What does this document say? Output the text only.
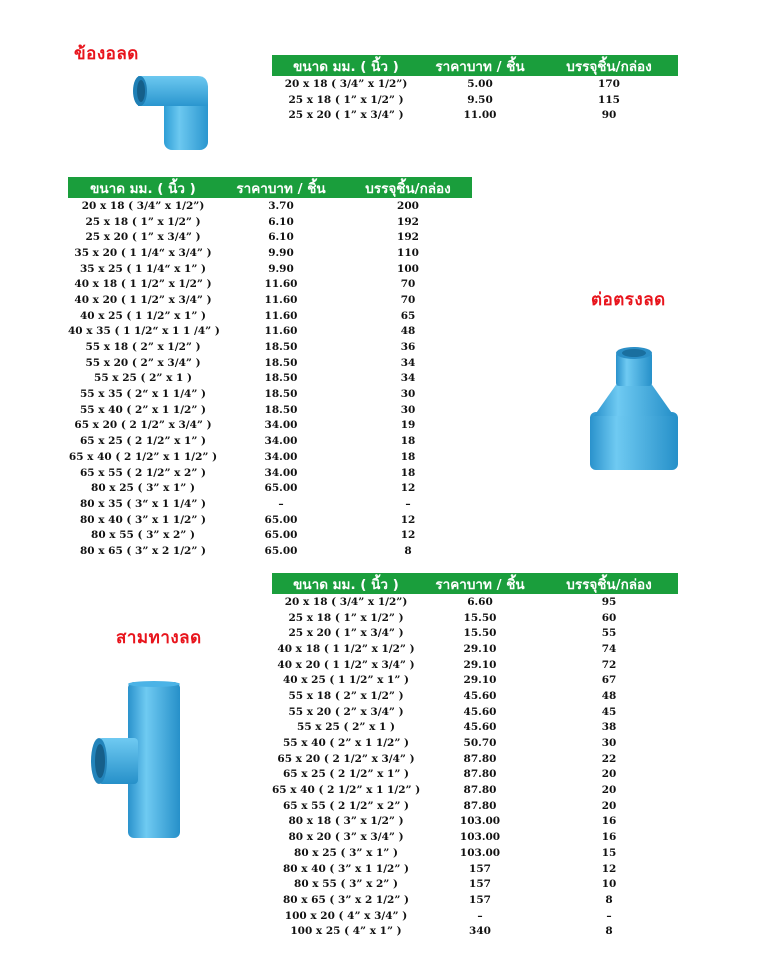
ข้องอลด
ขนาด มม. ( นิ้ว )	ราคาบาท / ชิ้น	บรรจุชิ้น/กล่อง
20 x 18 ( 3/4” x 1/2”)	5.00	170
25 x 18 ( 1” x 1/2” )	9.50	115
25 x 20 ( 1” x 3/4” )	11.00	90
ขนาด มม. ( นิ้ว )	ราคาบาท / ชิ้น	บรรจุชิ้น/กล่อง
20 x 18 ( 3/4” x 1/2”)	3.70	200
25 x 18 ( 1” x 1/2” )	6.10	192
25 x 20 ( 1” x 3/4” )	6.10	192
35 x 20 ( 1 1/4“ x 3/4” )	9.90	110
35 x 25 ( 1 1/4“ x 1” )	9.90	100
40 x 18 ( 1 1/2” x 1/2” )	11.60	70
40 x 20 ( 1 1/2” x 3/4” )	11.60	70
40 x 25 ( 1 1/2” x 1” )	11.60	65
40 x 35 ( 1 1/2“ x 1 1 /4” )	11.60	48
55 x 18 ( 2” x 1/2” )	18.50	36
55 x 20 ( 2” x 3/4” )	18.50	34
55 x 25 ( 2” x 1 )	18.50	34
55 x 35 ( 2“ x 1 1/4” )	18.50	30
55 x 40 ( 2” x 1 1/2” )	18.50	30
65 x 20 ( 2 1/2” x 3/4” )	34.00	19
65 x 25 ( 2 1/2” x 1” )	34.00	18
65 x 40 ( 2 1/2” x 1 1/2” )	34.00	18
65 x 55 ( 2 1/2” x 2” )	34.00	18
80 x 25 ( 3” x 1” )	65.00	12
80 x 35 ( 3“ x 1 1/4” )	–	–
80 x 40 ( 3” x 1 1/2” )	65.00	12
80 x 55 ( 3” x 2” )	65.00	12
80 x 65 ( 3” x 2 1/2” )	65.00	8
ต่อตรงลด
สามทางลด
ขนาด มม. ( นิ้ว )	ราคาบาท / ชิ้น	บรรจุชิ้น/กล่อง
20 x 18 ( 3/4” x 1/2”)	6.60	95
25 x 18 ( 1” x 1/2” )	15.50	60
25 x 20 ( 1” x 3/4” )	15.50	55
40 x 18 ( 1 1/2” x 1/2” )	29.10	74
40 x 20 ( 1 1/2” x 3/4” )	29.10	72
40 x 25 ( 1 1/2” x 1” )	29.10	67
55 x 18 ( 2” x 1/2” )	45.60	48
55 x 20 ( 2” x 3/4” )	45.60	45
55 x 25 ( 2” x 1 )	45.60	38
55 x 40 ( 2” x 1 1/2” )	50.70	30
65 x 20 ( 2 1/2” x 3/4” )	87.80	22
65 x 25 ( 2 1/2” x 1” )	87.80	20
65 x 40 ( 2 1/2” x 1 1/2” )	87.80	20
65 x 55 ( 2 1/2” x 2” )	87.80	20
80 x 18 ( 3” x 1/2” )	103.00	16
80 x 20 ( 3” x 3/4” )	103.00	16
80 x 25 ( 3” x 1” )	103.00	15
80 x 40 ( 3” x 1 1/2” )	157	12
80 x 55 ( 3” x 2” )	157	10
80 x 65 ( 3” x 2 1/2” )	157	8
100 x 20 ( 4” x 3/4” )	–	–
100 x 25 ( 4” x 1” )	340	8
